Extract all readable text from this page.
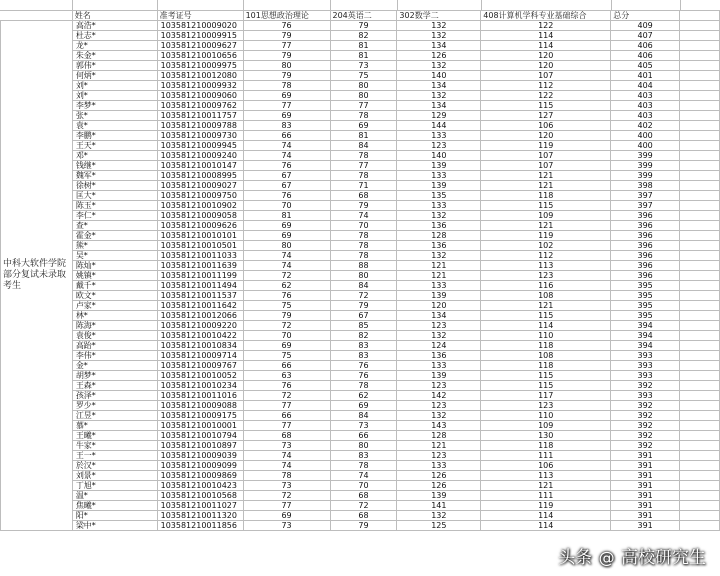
	姓名	准考证号	101思想政治理论	204英语二	302数学二	408计算机学科专业基础综合	总分	
中科大软件学院部分复试未录取考生	高浩*	103581210009020	76	79	132	122	409	
	杜志*	103581210009915	79	82	132	114	407	
	龙*	103581210009627	77	81	134	114	406	
	朱金*	103581210010656	79	81	126	120	406	
	郭伟*	103581210009975	80	73	132	120	405	
	何炳*	103581210012080	79	75	140	107	401	
	刘*	103581210009932	78	80	134	112	404	
	刘*	103581210009060	69	80	132	122	403	
	李梦*	103581210009762	77	77	134	115	403	
	张*	103581210011757	69	78	129	127	403	
	袁*	103581210009788	83	69	144	106	402	
	李鹏*	103581210009730	66	81	133	120	400	
	王天*	103581210009945	74	84	123	119	400	
	邓*	103581210009240	74	78	140	107	399	
	钱继*	103581210010147	76	77	139	107	399	
	魏军*	103581210008995	67	78	133	121	399	
	徐树*	103581210009027	67	71	139	121	398	
	匡大*	103581210009750	76	68	135	118	397	
	陈玉*	103581210010902	70	79	133	115	397	
	李仁*	103581210009058	81	74	132	109	396	
	查*	103581210009626	69	70	136	121	396	
	霍金*	103581210010101	69	78	128	119	396	
	熊*	103581210010501	80	78	136	102	396	
	吴*	103581210011033	74	78	132	112	396	
	陈灿*	103581210011639	74	88	121	113	396	
	姚镇*	103581210011199	72	80	121	123	396	
	戴千*	103581210011494	62	84	133	116	395	
	欧文*	103581210011537	76	72	139	108	395	
	卢家*	103581210011642	75	79	120	121	395	
	林*	103581210012066	79	67	134	115	395	
	陈海*	103581210009220	72	85	123	114	394	
	袁俊*	103581210010422	70	82	132	110	394	
	高跆*	103581210010834	69	83	124	118	394	
	李伟*	103581210009714	75	83	136	108	393	
	金*	103581210009767	66	76	133	118	393	
	胡梦*	103581210010052	63	76	139	115	393	
	王森*	103581210010234	76	78	123	115	392	
	孩泽*	103581210011016	72	62	142	117	393	
	罗少*	103581210009088	77	69	123	123	392	
	江昱*	103581210009175	66	84	132	110	392	
	慕*	103581210010001	77	73	143	109	392	
	王曦*	103581210010794	68	66	128	130	392	
	牛家*	103581210010897	73	80	121	118	392	
	王一*	103581210009039	74	83	123	111	391	
	於汉*	103581210009099	74	78	133	106	391	
	刘景*	103581210009869	78	74	126	113	391	
	丁旭*	103581210010423	73	70	126	121	391	
	温*	103581210010568	72	68	139	111	391	
	焦曦*	103581210011027	77	72	141	119	391	
	阳*	103581210011320	69	68	132	114	391	
	梁中*	103581210011856	73	79	125	114	391	
头条 @ 高校研究生
